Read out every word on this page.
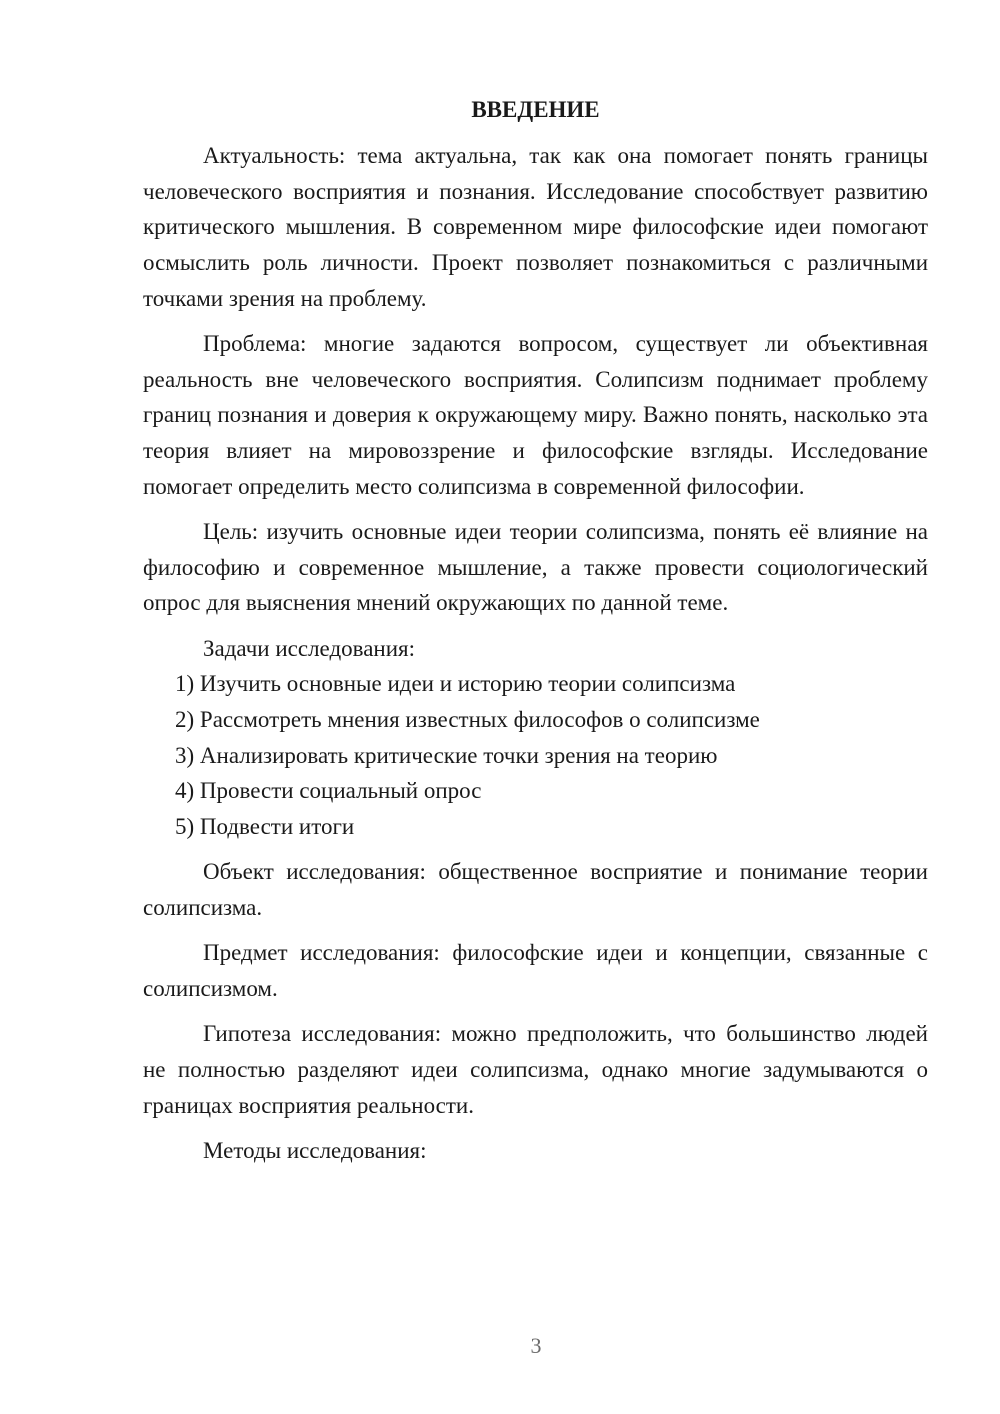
ВВЕДЕНИЕ

Актуальность: тема актуальна, так как она помогает понять границы человеческого восприятия и познания. Исследование способствует развитию критического мышления. В современном мире философские идеи помогают осмыслить роль личности. Проект позволяет познакомиться с различными точками зрения на проблему.

Проблема: многие задаются вопросом, существует ли объективная реальность вне человеческого восприятия. Солипсизм поднимает проблему границ познания и доверия к окружающему миру. Важно понять, насколько эта теория влияет на мировоззрение и философские взгляды. Исследование помогает определить место солипсизма в современной философии.

Цель: изучить основные идеи теории солипсизма, понять её влияние на философию и современное мышление, а также провести социологический опрос для выяснения мнений окружающих по данной теме.

Задачи исследования:

1) Изучить основные идеи и историю теории солипсизма

2) Рассмотреть мнения известных философов о солипсизме

3) Анализировать критические точки зрения на теорию

4) Провести социальный опрос

5) Подвести итоги

Объект исследования: общественное восприятие и понимание теории солипсизма.

Предмет исследования: философские идеи и концепции, связанные с солипсизмом.

Гипотеза исследования: можно предположить, что большинство людей не полностью разделяют идеи солипсизма, однако многие задумываются о границах восприятия реальности.

Методы исследования:

3
